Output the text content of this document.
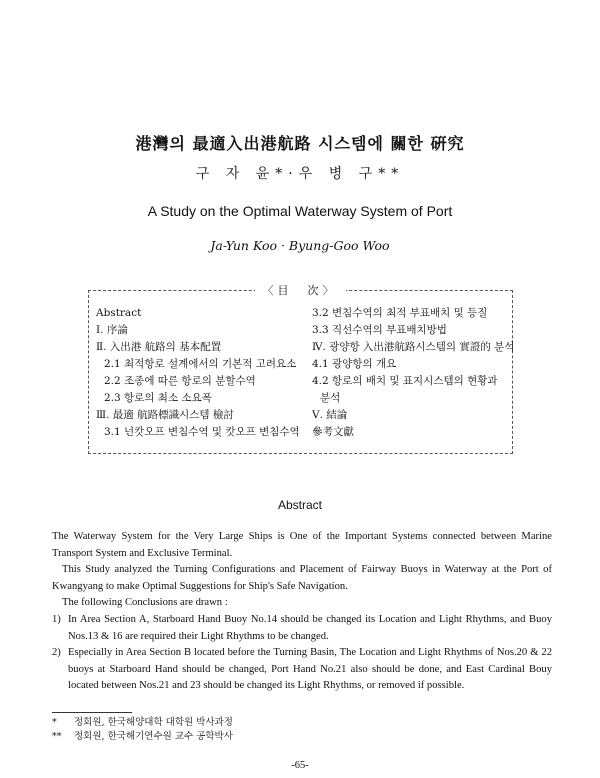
港灣의 最適入出港航路 시스템에 關한 硏究
구 자 윤*·우 병 구**
A Study on the Optimal Waterway System of Port
Ja-Yun Koo · Byung-Goo Woo
〈目　次〉
Abstract
Ⅰ. 序論
Ⅱ. 入出港 航路의 基本配置
2.1 최적항로 설계에서의 기본적 고려요소
2.2 조종에 따른 항로의 분할수역
2.3 항로의 최소 소요폭
Ⅲ. 最適 航路標識시스템 檢討
3.1 넌캇오프 변침수역 및 캇오프 변침수역
3.2 변침수역의 최적 부표배치 및 등질
3.3 직선수역의 부표배치방법
Ⅳ. 광양항 入出港航路시스템의 實證的 분석
4.1 광양항의 개요
4.2 항로의 배치 및 표지시스템의 현황과
분석
Ⅴ. 結論
參考文獻
Abstract

The Waterway System for the Very Large Ships is One of the Important Systems connected between Marine Transport System and Exclusive Terminal.

This Study analyzed the Turning Configurations and Placement of Fairway Buoys in Waterway at the Port of Kwangyang to make Optimal Suggestions for Ship's Safe Navigation.

The following Conclusions are drawn :

1) In Area Section A, Starboard Hand Buoy No.14 should be changed its Location and Light Rhythms, and Buoy Nos.13 & 16 are required their Light Rhythms to be changed.
2) Especially in Area Section B located before the Turning Basin, The Location and Light Rhythms of Nos.20 & 22 buoys at Starboard Hand should be changed, Port Hand No.21 also should be done, and East Cardinal Bouy located between Nos.21 and 23 should be changed its Light Rhythms, or removed if possible.
* 정회원, 한국해양대학 대학원 박사과정
** 정회원, 한국해기연수원 교수 공학박사
-65-
